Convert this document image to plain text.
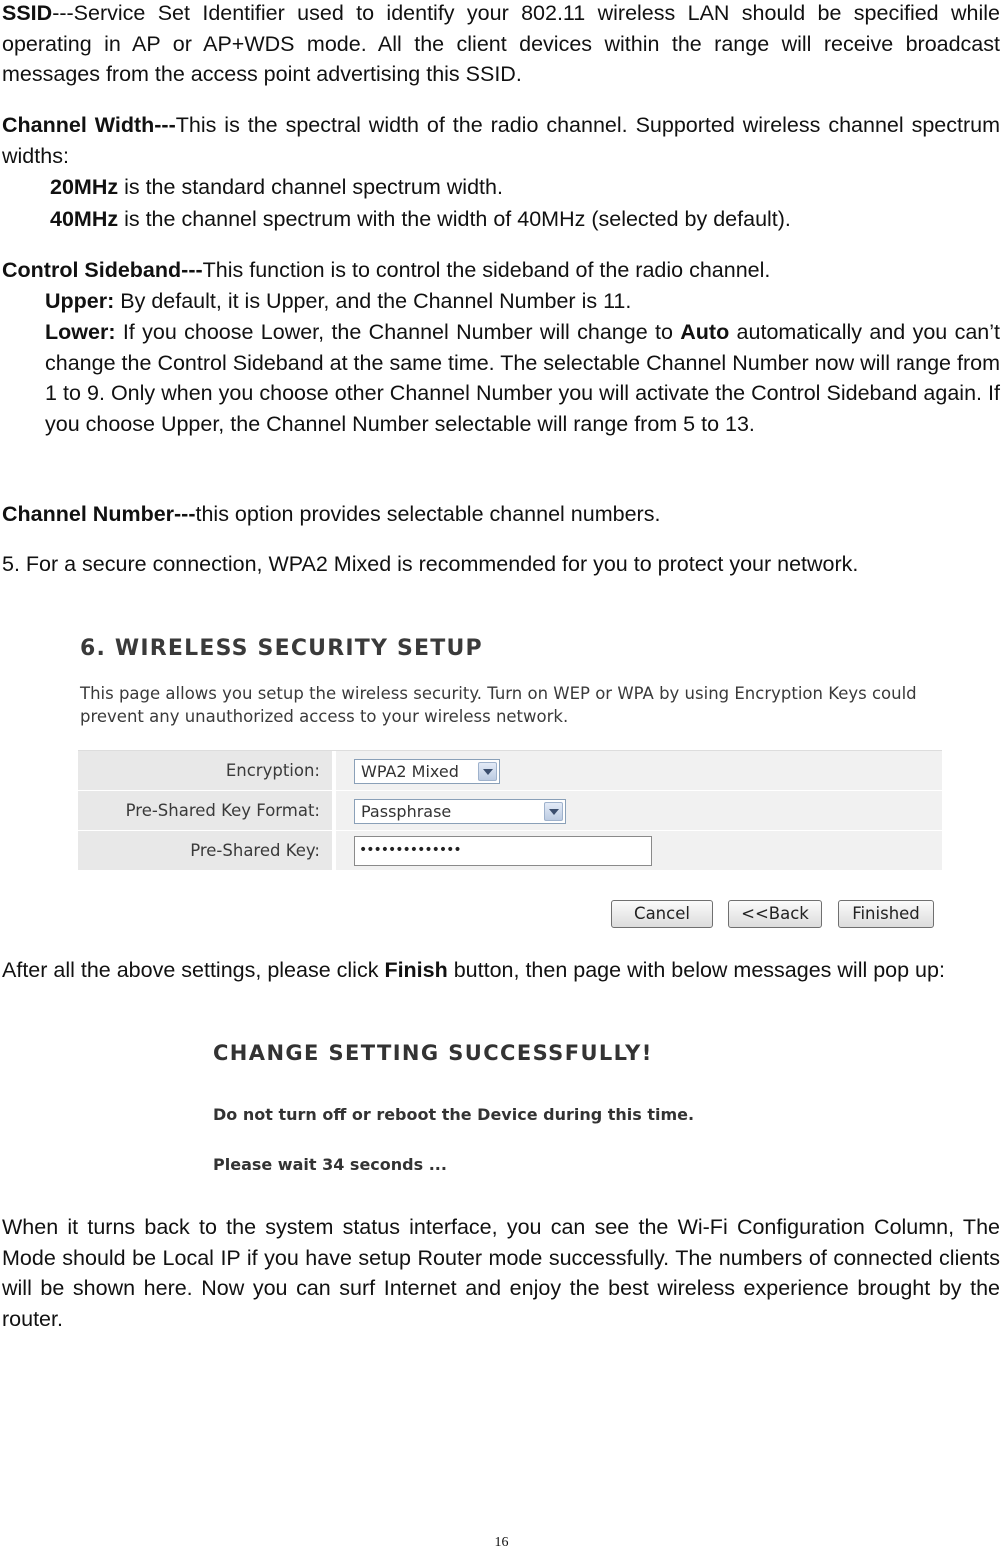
SSID---Service Set Identifier used to identify your 802.11 wireless LAN should be specified while operating in AP or AP+WDS mode. All the client devices within the range will receive broadcast messages from the access point advertising this SSID.

Channel Width---This is the spectral width of the radio channel. Supported wireless channel spectrum widths:

20MHz is the standard channel spectrum width.

40MHz is the channel spectrum with the width of 40MHz (selected by default).

Control Sideband---This function is to control the sideband of the radio channel.

Upper: By default, it is Upper, and the Channel Number is 11.

Lower: If you choose Lower, the Channel Number will change to Auto automatically and you can’t change the Control Sideband at the same time. The selectable Channel Number now will range from 1 to 9. Only when you choose other Channel Number you will activate the Control Sideband again. If you choose Upper, the Channel Number selectable will range from 5 to 13.

Channel Number---this option provides selectable channel numbers.

5. For a secure connection, WPA2 Mixed is recommended for you to protect your network.

6. WIRELESS SECURITY SETUP
This page allows you setup the wireless security. Turn on WEP or WPA by using Encryption Keys could prevent any unauthorized access to your wireless network.
Encryption:	WPA2 Mixed
Pre-Shared Key Format:	Passphrase
Pre-Shared Key:	••••••••••••••
Cancel	<<Back	Finished

After all the above settings, please click Finish button, then page with below messages will pop up:

CHANGE SETTING SUCCESSFULLY!
Do not turn off or reboot the Device during this time.
Please wait 34 seconds ...

When it turns back to the system status interface, you can see the Wi-Fi Configuration Column, The Mode should be Local IP if you have setup Router mode successfully. The numbers of connected clients will be shown here. Now you can surf Internet and enjoy the best wireless experience brought by the router.

16
